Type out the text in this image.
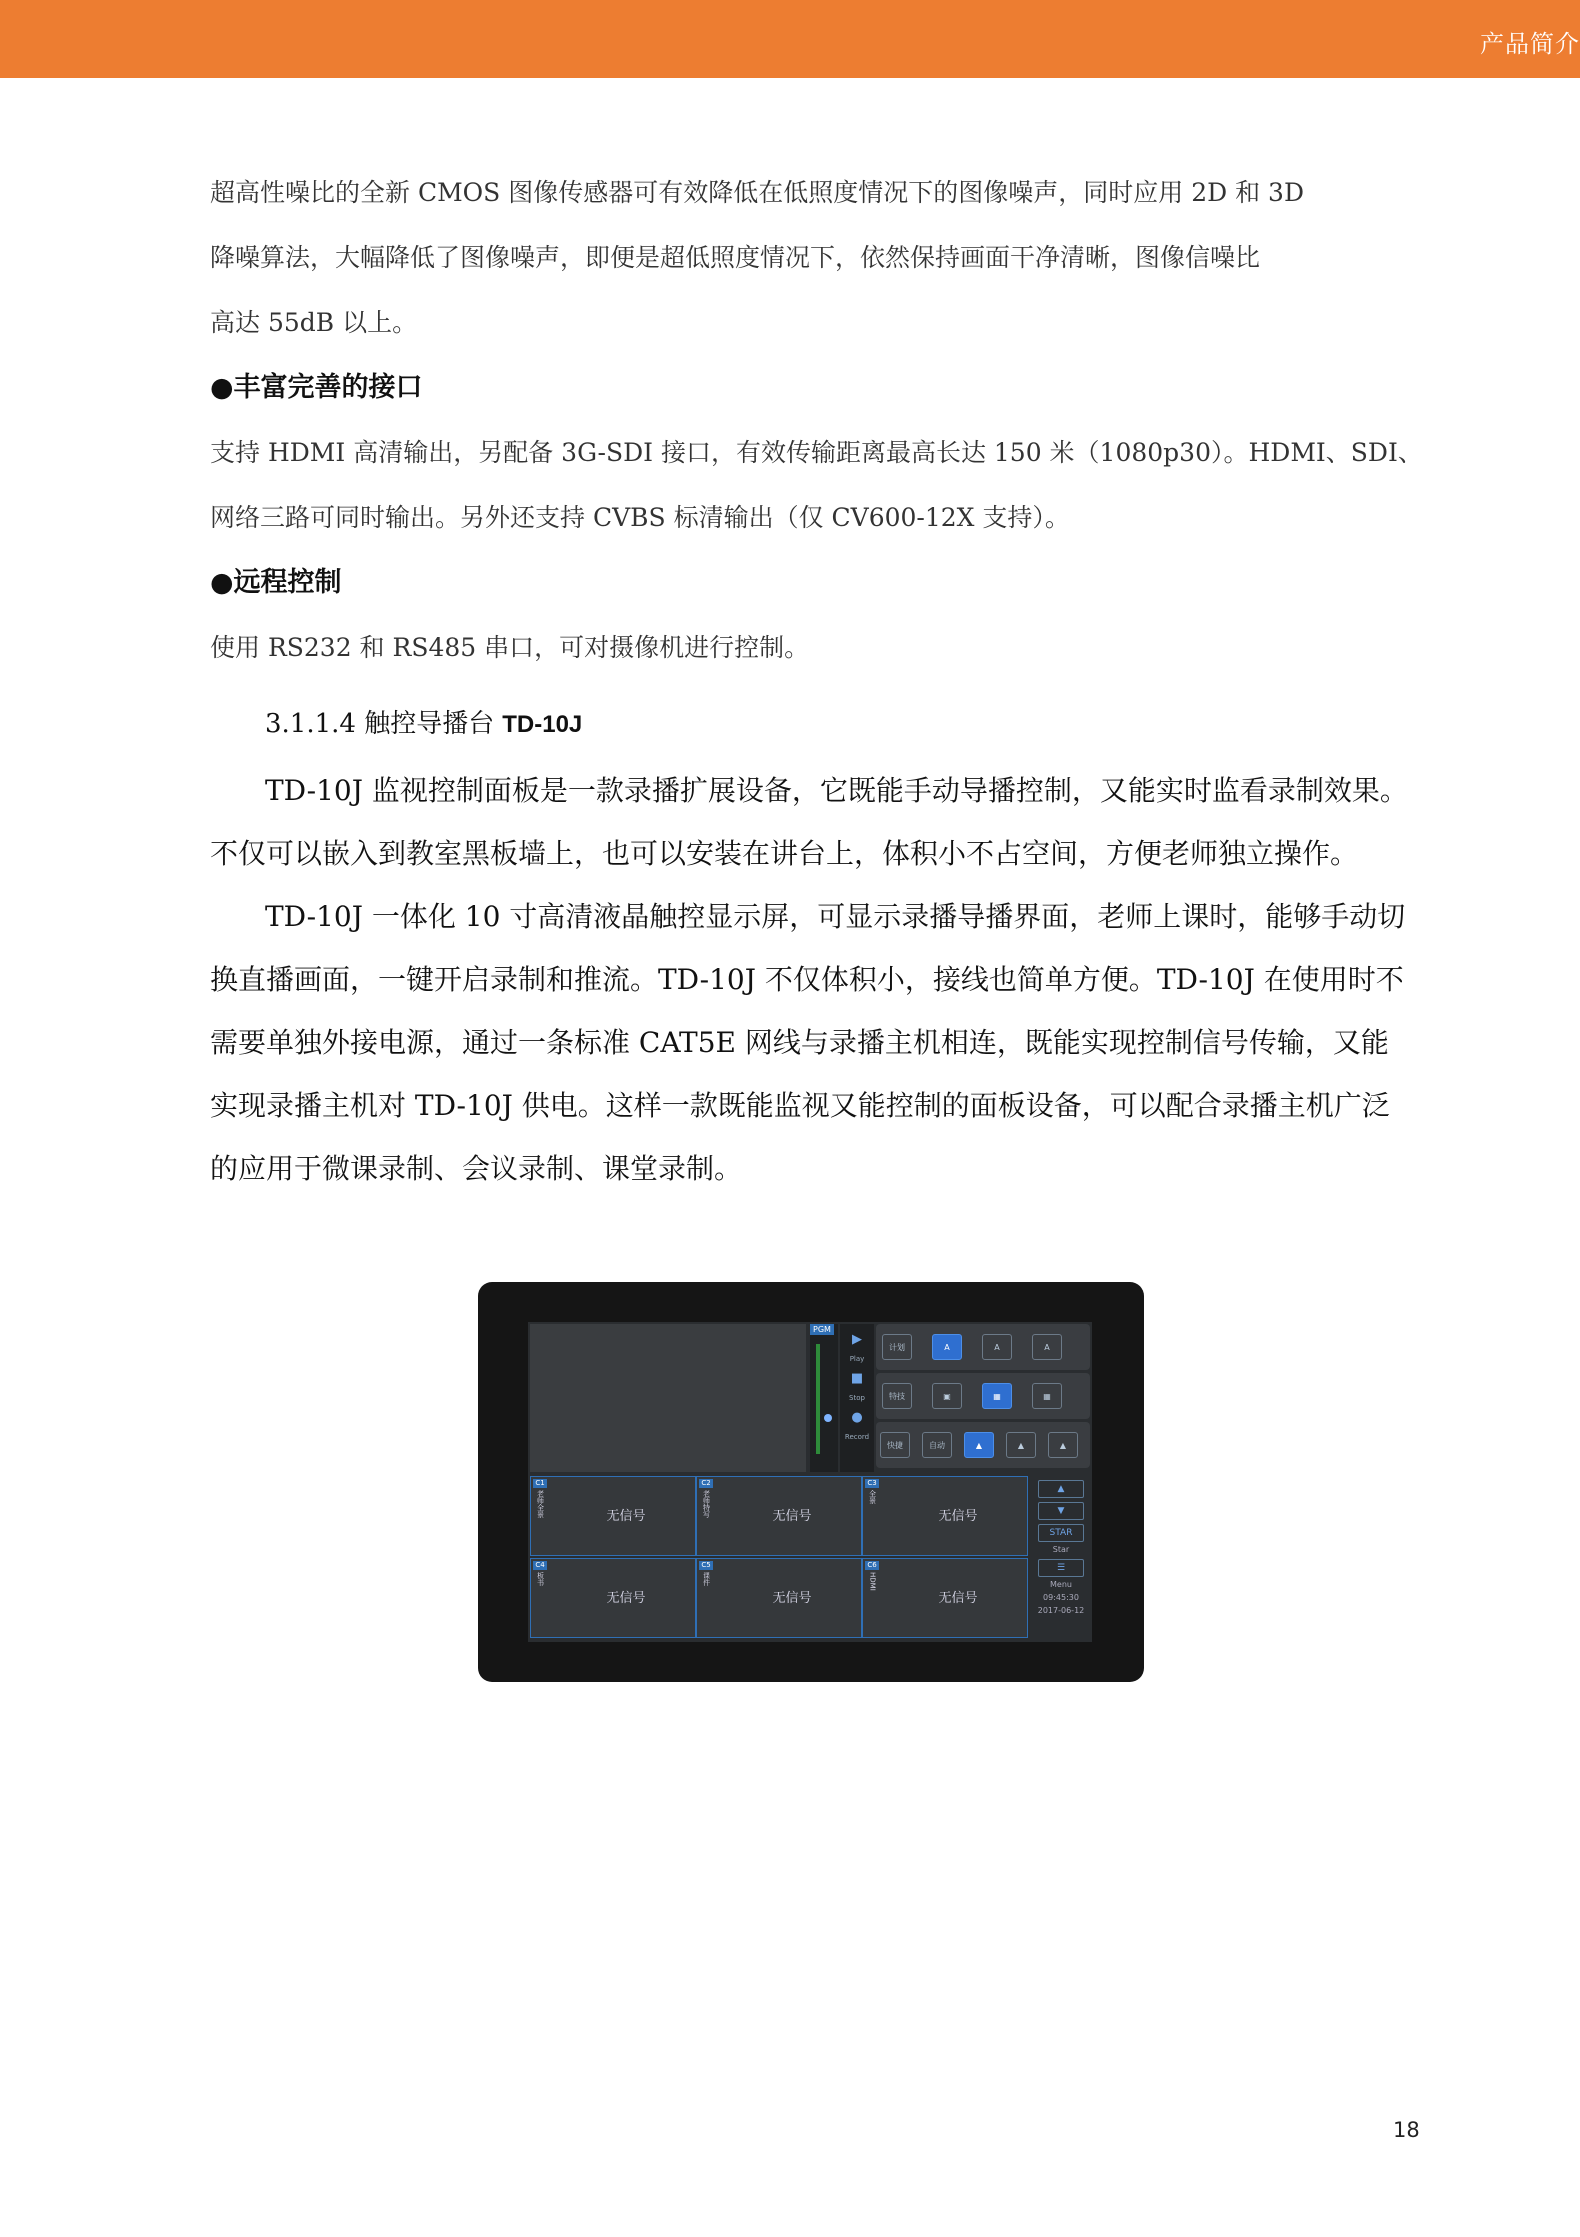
产品简介

超高性噪比的全新 CMOS 图像传感器可有效降低在低照度情况下的图像噪声，同时应用 2D 和 3D

降噪算法，大幅降低了图像噪声，即便是超低照度情况下，依然保持画面干净清晰，图像信噪比

高达 55dB 以上。

●丰富完善的接口

支持 HDMI 高清输出，另配备 3G-SDI 接口，有效传输距离最高长达 150 米（1080p30）。HDMI、SDI、

网络三路可同时输出。另外还支持 CVBS 标清输出（仅 CV600-12X 支持）。

●远程控制

使用 RS232 和 RS485 串口，可对摄像机进行控制。

3.1.1.4 触控导播台 TD-10J

TD-10J 监视控制面板是一款录播扩展设备，它既能手动导播控制，又能实时监看录制效果。

不仅可以嵌入到教室黑板墙上，也可以安装在讲台上，体积小不占空间，方便老师独立操作。

TD-10J 一体化 10 寸高清液晶触控显示屏，可显示录播导播界面，老师上课时，能够手动切

换直播画面，一键开启录制和推流。TD-10J 不仅体积小，接线也简单方便。TD-10J 在使用时不

需要单独外接电源，通过一条标准 CAT5E 网线与录播主机相连，既能实现控制信号传输，又能

实现录播主机对 TD-10J 供电。这样一款既能监视又能控制的面板设备，可以配合录播主机广泛

的应用于微课录制、会议录制、课堂录制。

PGM
▶
Play
■
Stop
●
Record
计划	A	A	A
特技	▣	▦	▦
快捷	自动	▲	▲	▲
C1
老师全景	无信号
C2
老师特写	无信号
C3
全景
无信号
C4
板书
无信号
C5
课件
无信号
C6
HDMI
无信号
▲
▼
STAR
Star
☰
Menu
09:45:30
2017-06-12
18
